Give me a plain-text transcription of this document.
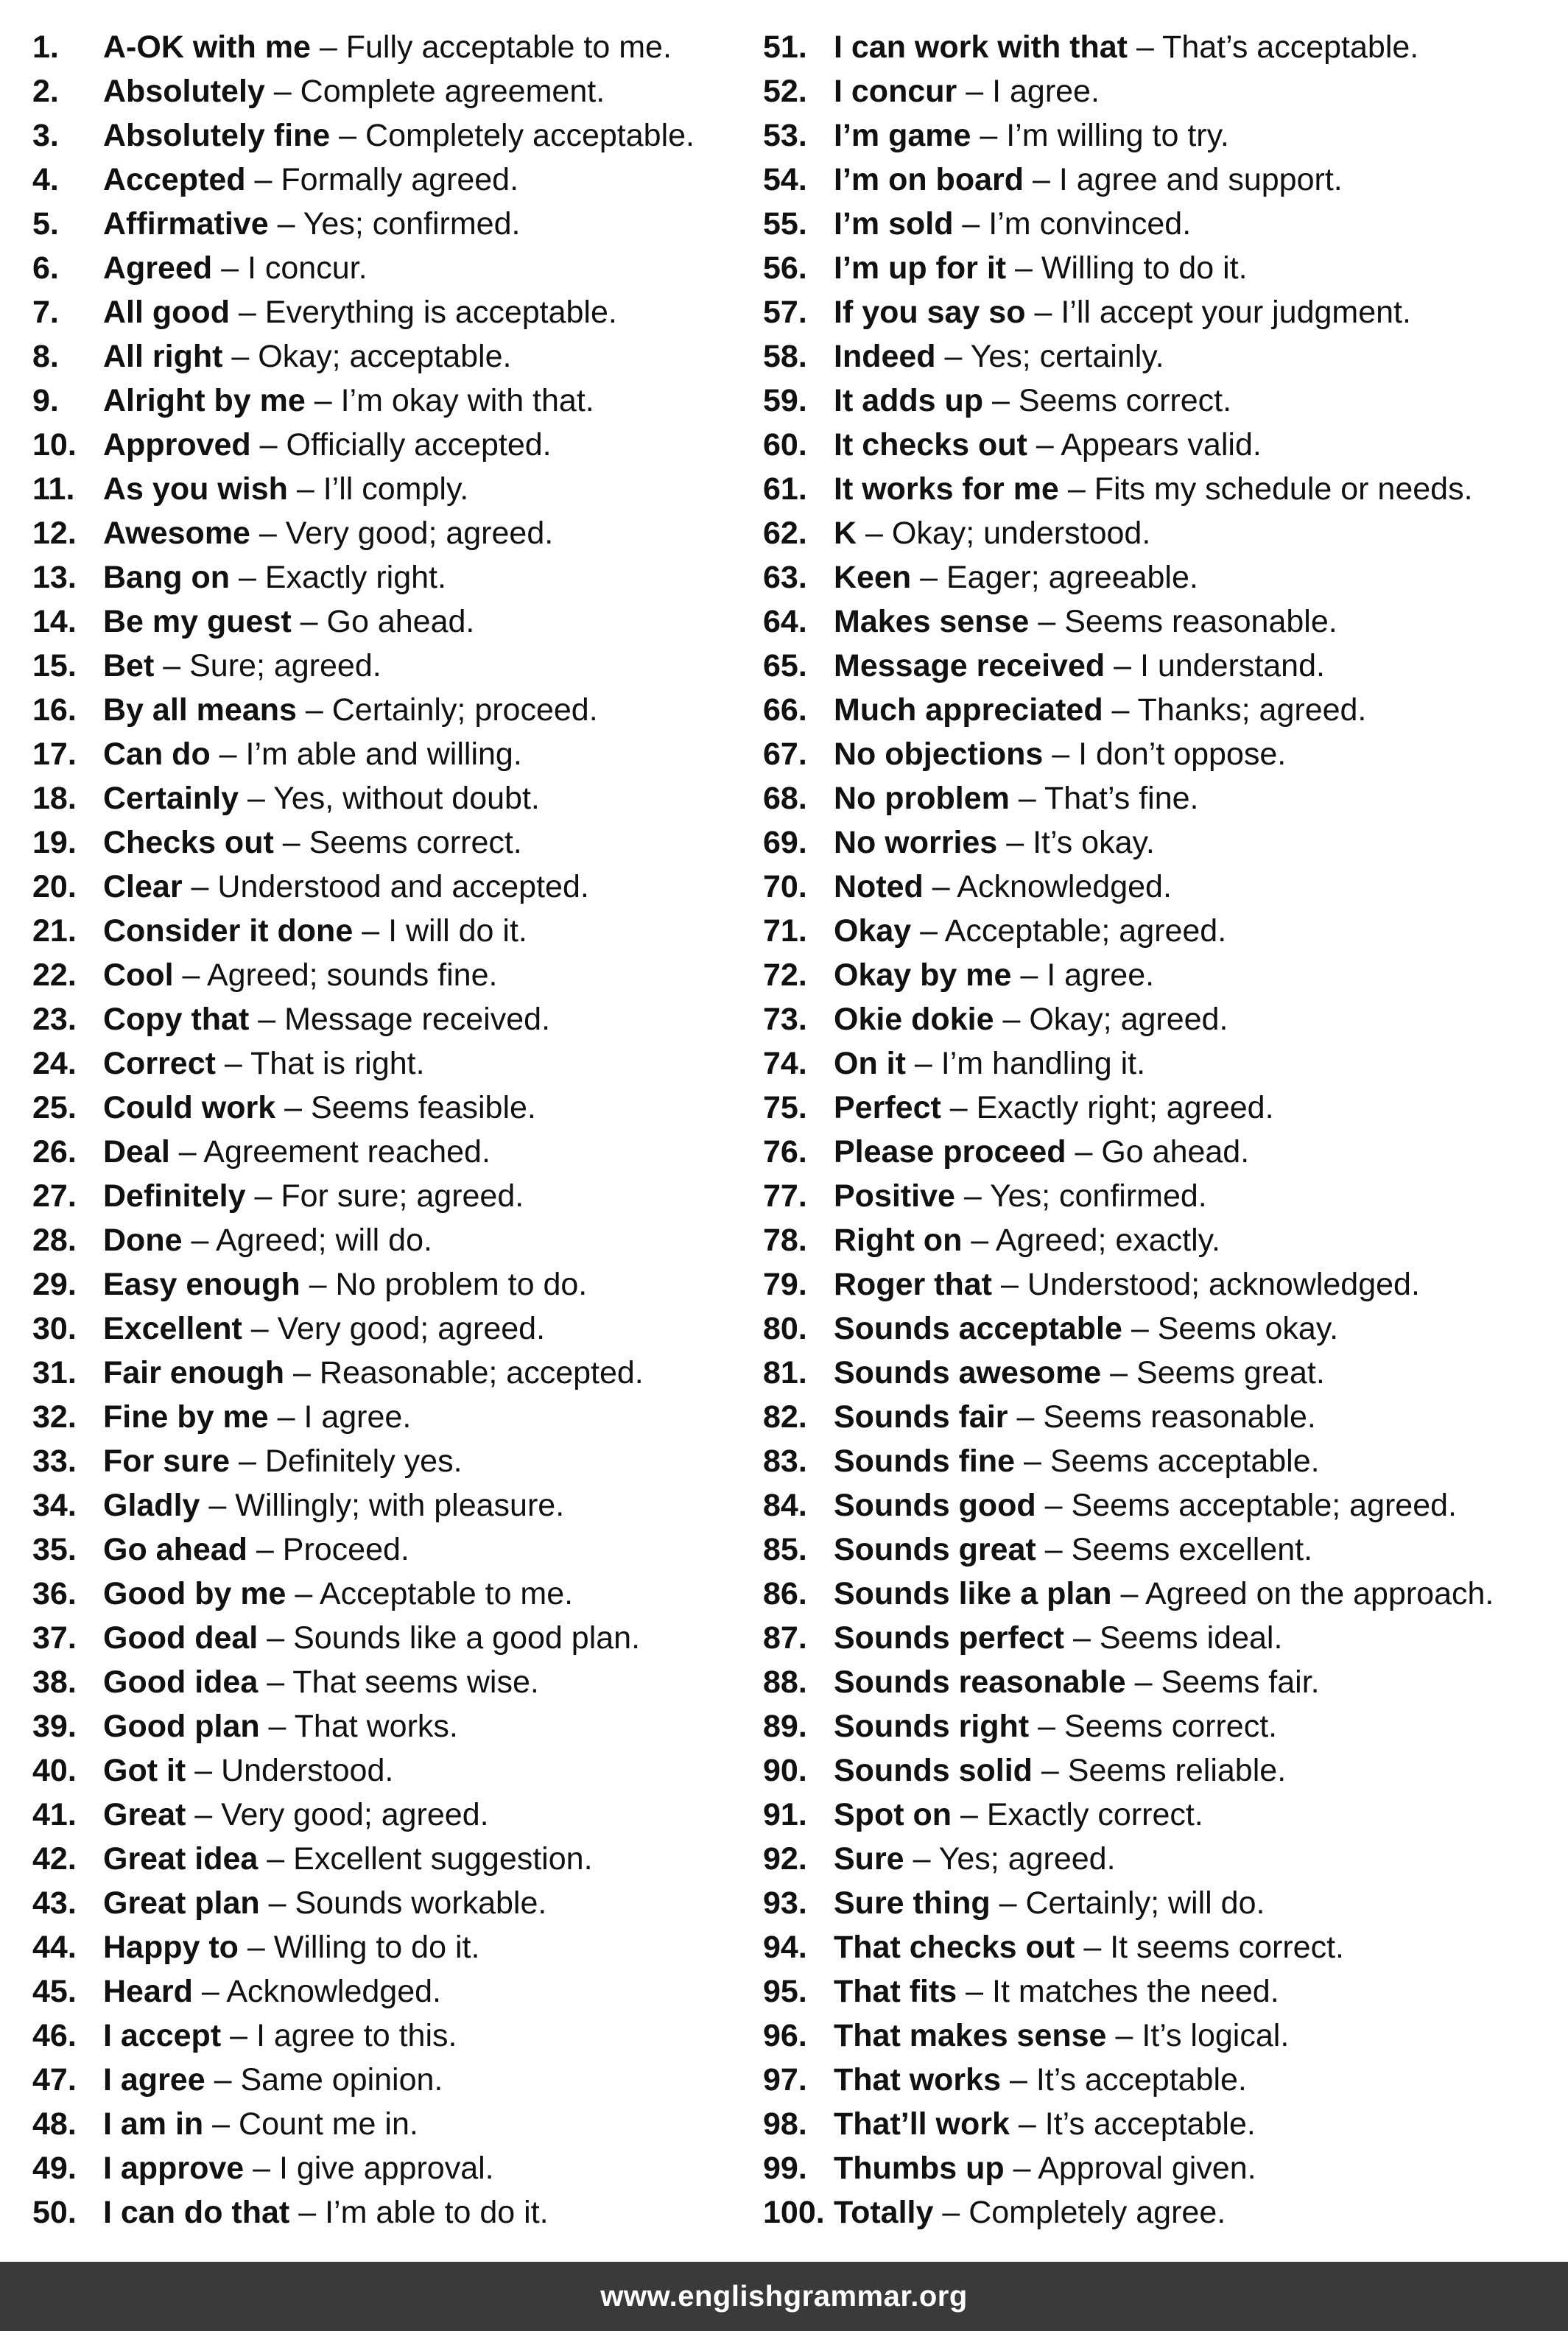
1.	A-OK with me – Fully acceptable to me.
2.	Absolutely – Complete agreement.
3.	Absolutely fine – Completely acceptable.
4.	Accepted – Formally agreed.
5.	Affirmative – Yes; confirmed.
6.	Agreed – I concur.
7.	All good – Everything is acceptable.
8.	All right – Okay; acceptable.
9.	Alright by me – I’m okay with that.
10. Approved – Officially accepted.
11. As you wish – I’ll comply.
12. Awesome – Very good; agreed.
13. Bang on – Exactly right.
14. Be my guest – Go ahead.
15. Bet – Sure; agreed.
16. By all means – Certainly; proceed.
17. Can do – I’m able and willing.
18. Certainly – Yes, without doubt.
19. Checks out – Seems correct.
20. Clear – Understood and accepted.
21. Consider it done – I will do it.
22. Cool – Agreed; sounds fine.
23. Copy that – Message received.
24. Correct – That is right.
25. Could work – Seems feasible.
26. Deal – Agreement reached.
27. Definitely – For sure; agreed.
28. Done – Agreed; will do.
29. Easy enough – No problem to do.
30. Excellent – Very good; agreed.
31. Fair enough – Reasonable; accepted.
32. Fine by me – I agree.
33. For sure – Definitely yes.
34. Gladly – Willingly; with pleasure.
35. Go ahead – Proceed.
36. Good by me – Acceptable to me.
37. Good deal – Sounds like a good plan.
38. Good idea – That seems wise.
39. Good plan – That works.
40. Got it – Understood.
41. Great – Very good; agreed.
42. Great idea – Excellent suggestion.
43. Great plan – Sounds workable.
44. Happy to – Willing to do it.
45. Heard – Acknowledged.
46. I accept – I agree to this.
47. I agree – Same opinion.
48. I am in – Count me in.
49. I approve – I give approval.
50. I can do that – I’m able to do it.
51. I can work with that – That’s acceptable.
52. I concur – I agree.
53. I’m game – I’m willing to try.
54. I’m on board – I agree and support.
55. I’m sold – I’m convinced.
56. I’m up for it – Willing to do it.
57. If you say so – I’ll accept your judgment.
58. Indeed – Yes; certainly.
59. It adds up – Seems correct.
60. It checks out – Appears valid.
61. It works for me – Fits my schedule or needs.
62. K – Okay; understood.
63. Keen – Eager; agreeable.
64. Makes sense – Seems reasonable.
65. Message received – I understand.
66. Much appreciated – Thanks; agreed.
67. No objections – I don’t oppose.
68. No problem – That’s fine.
69. No worries – It’s okay.
70. Noted – Acknowledged.
71. Okay – Acceptable; agreed.
72. Okay by me – I agree.
73. Okie dokie – Okay; agreed.
74. On it – I’m handling it.
75. Perfect – Exactly right; agreed.
76. Please proceed – Go ahead.
77. Positive – Yes; confirmed.
78. Right on – Agreed; exactly.
79. Roger that – Understood; acknowledged.
80. Sounds acceptable – Seems okay.
81. Sounds awesome – Seems great.
82. Sounds fair – Seems reasonable.
83. Sounds fine – Seems acceptable.
84. Sounds good – Seems acceptable; agreed.
85. Sounds great – Seems excellent.
86. Sounds like a plan – Agreed on the approach.
87. Sounds perfect – Seems ideal.
88. Sounds reasonable – Seems fair.
89. Sounds right – Seems correct.
90. Sounds solid – Seems reliable.
91. Spot on – Exactly correct.
92. Sure – Yes; agreed.
93. Sure thing – Certainly; will do.
94. That checks out – It seems correct.
95. That fits – It matches the need.
96. That makes sense – It’s logical.
97. That works – It’s acceptable.
98. That’ll work – It’s acceptable.
99. Thumbs up – Approval given.
100. Totally – Completely agree.
www.englishgrammar.org
